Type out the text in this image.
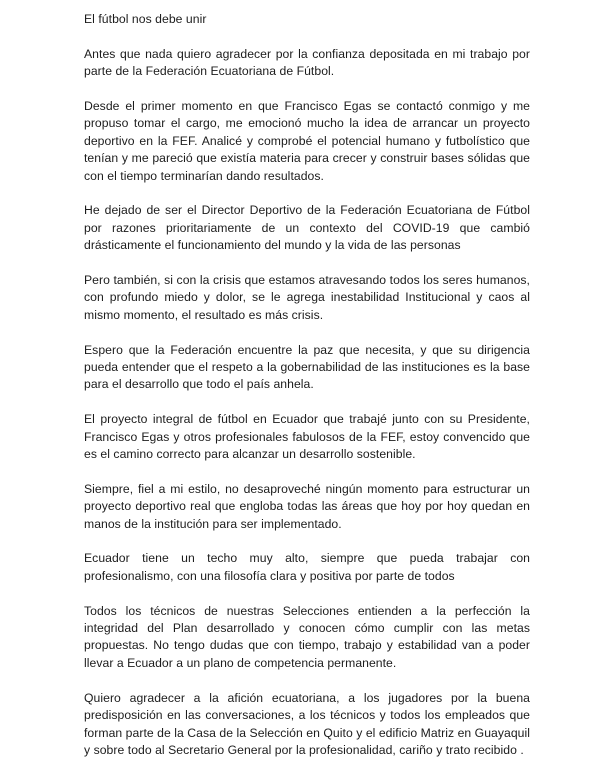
El fútbol nos debe unir

Antes que nada quiero agradecer por la confianza depositada en mi trabajo por parte de la Federación Ecuatoriana de Fútbol.

Desde el primer momento en que Francisco Egas se contactó conmigo y me propuso tomar el cargo, me emocionó mucho la idea de arrancar un proyecto deportivo en la FEF. Analicé y comprobé el potencial humano y futbolístico que tenían y me pareció que existía materia para crecer y construir bases sólidas que con el tiempo terminarían dando resultados.

He dejado de ser el Director Deportivo de la Federación Ecuatoriana de Fútbol por razones prioritariamente de un contexto del COVID-19 que cambió drásticamente el funcionamiento del mundo y la vida de las personas

Pero también, si con la crisis que estamos atravesando todos los seres humanos, con profundo miedo y dolor, se le agrega inestabilidad Institucional y caos al mismo momento, el resultado es más crisis.

Espero que la Federación encuentre la paz que necesita, y que su dirigencia pueda entender que el respeto a la gobernabilidad de las instituciones es la base para el desarrollo que todo el país anhela.

El proyecto integral de fútbol en Ecuador que trabajé junto con su Presidente, Francisco Egas y otros profesionales fabulosos de la FEF, estoy convencido que es el camino correcto para alcanzar un desarrollo sostenible.

Siempre, fiel a mi estilo, no desaproveché ningún momento para estructurar un proyecto deportivo real que engloba todas las áreas que hoy por hoy quedan en manos de la institución para ser implementado.

Ecuador tiene un techo muy alto, siempre que pueda trabajar con profesionalismo, con una filosofía clara y positiva por parte de todos

Todos los técnicos de nuestras Selecciones entienden a la perfección la integridad del Plan desarrollado y conocen cómo cumplir con las metas propuestas. No tengo dudas que con tiempo, trabajo y estabilidad van a poder llevar a Ecuador a un plano de competencia permanente.

Quiero agradecer a la afición ecuatoriana, a los jugadores por la buena predisposición en las conversaciones, a los técnicos y todos los empleados que forman parte de la Casa de la Selección en Quito y el edificio Matriz en Guayaquil y sobre todo al Secretario General por la profesionalidad, cariño y trato recibido .
